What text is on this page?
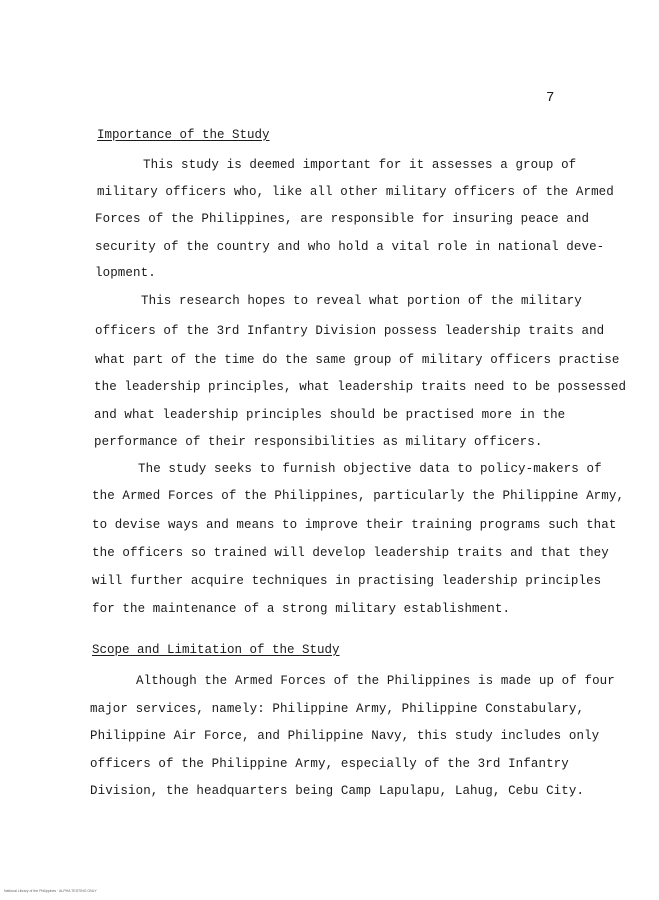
7
Importance of the Study
This study is deemed important for it assesses a group of
military officers who, like all other military officers of the Armed
Forces of the Philippines, are responsible for insuring peace and
security of the country and who hold a vital role in national deve-
lopment.
This research hopes to reveal what portion of the military
officers of the 3rd Infantry Division possess leadership traits and
what part of the time do the same group of military officers practise
the leadership principles, what leadership traits need to be possessed
and what leadership principles should be practised more in the
performance of their responsibilities as military officers.
The study seeks to furnish objective data to policy-makers of
the Armed Forces of the Philippines, particularly the Philippine Army,
to devise ways and means to improve their training programs such that
the officers so trained will develop leadership traits and that they
will further acquire techniques in practising leadership principles
for the maintenance of a strong military establishment.
Scope and Limitation of the Study
Although the Armed Forces of the Philippines is made up of four
major services, namely: Philippine Army, Philippine Constabulary,
Philippine Air Force, and Philippine Navy, this study includes only
officers of the Philippine Army, especially of the 3rd Infantry
Division, the headquarters being Camp Lapulapu, Lahug, Cebu City.
National Library of the Philippines · ALPHA TESTING ONLY
